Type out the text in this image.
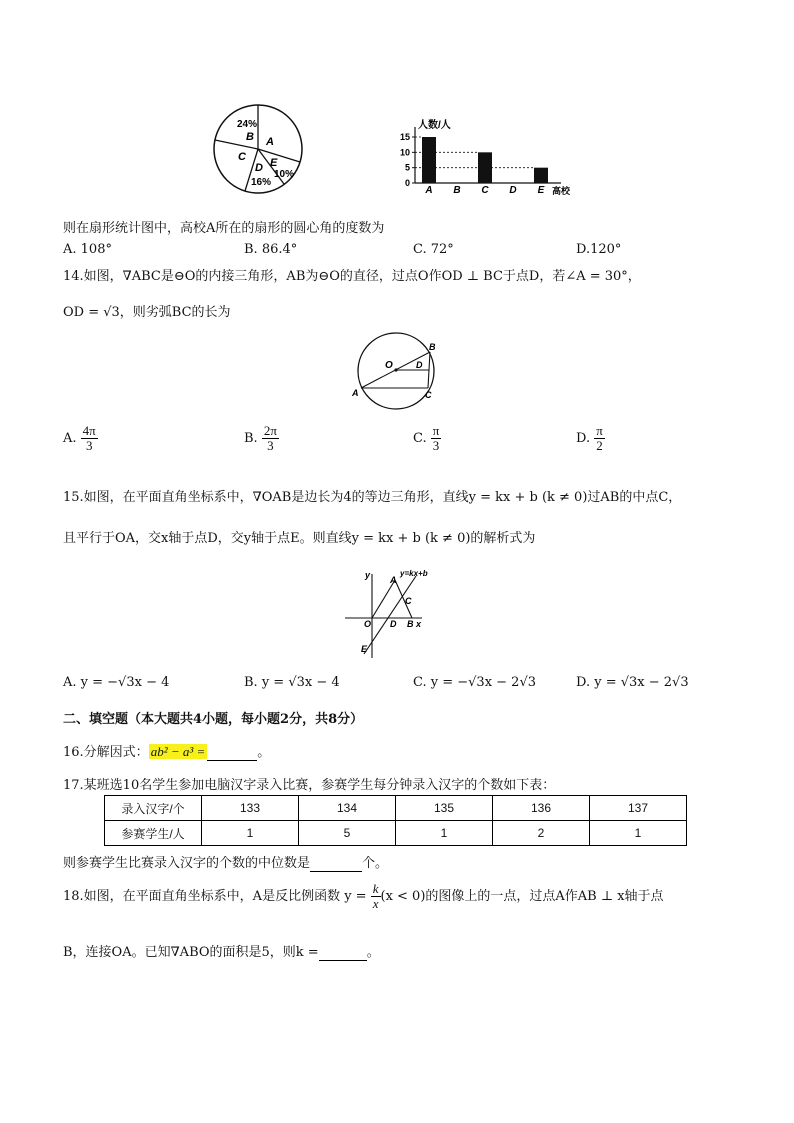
24%
B A
C
D E
16%
10%
人数/人
高校
0
5
10
15
A B C D E
则在扇形统计图中，高校A所在的扇形的圆心角的度数为
A. 108°	B. 86.4°	C. 72°	D.120°
14.如图，∇ABC是⊖O的内接三角形，AB为⊖O的直径，过点O作OD ⊥ BC于点D，若∠A = 30°，
OD = √3，则劣弧BC的长为
O
B
D
A	C
A. $\frac{4\pi}{3}$	B. $\frac{2\pi}{3}$	C. $\frac{\pi}{3}$	D. $\frac{\pi}{2}$
15.如图，在平面直角坐标系中，∇OAB是边长为4的等边三角形，直线y = kx + b (k ≠ 0)过AB的中点C，
且平行于OA，交x轴于点D，交y轴于点E。则直线y = kx + b (k ≠ 0)的解析式为
y=kx+b
y
x
A
C
O D B
E
A. y = −√3x − 4	B. y = √3x − 4	C. y = −√3x − 2√3	D. y = √3x − 2√3
二、填空题（本大题共4小题，每小题2分，共8分）
16.分解因式： ab² − a³ =	。
17.某班选10名学生参加电脑汉字录入比赛，参赛学生每分钟录入汉字的个数如下表：
录入汉字/个	133	134	135	136	137
参赛学生/人	1	5	1	2	1
则参赛学生比赛录入汉字的个数的中位数是	个。
18.如图，在平面直角坐标系中，A是反比例函数 $y = \frac{k}{x} (x < 0)$的图像上的一点，过点A作AB ⊥ x轴于点
B，连接OA。已知∇ABO的面积是5，则k =	。
